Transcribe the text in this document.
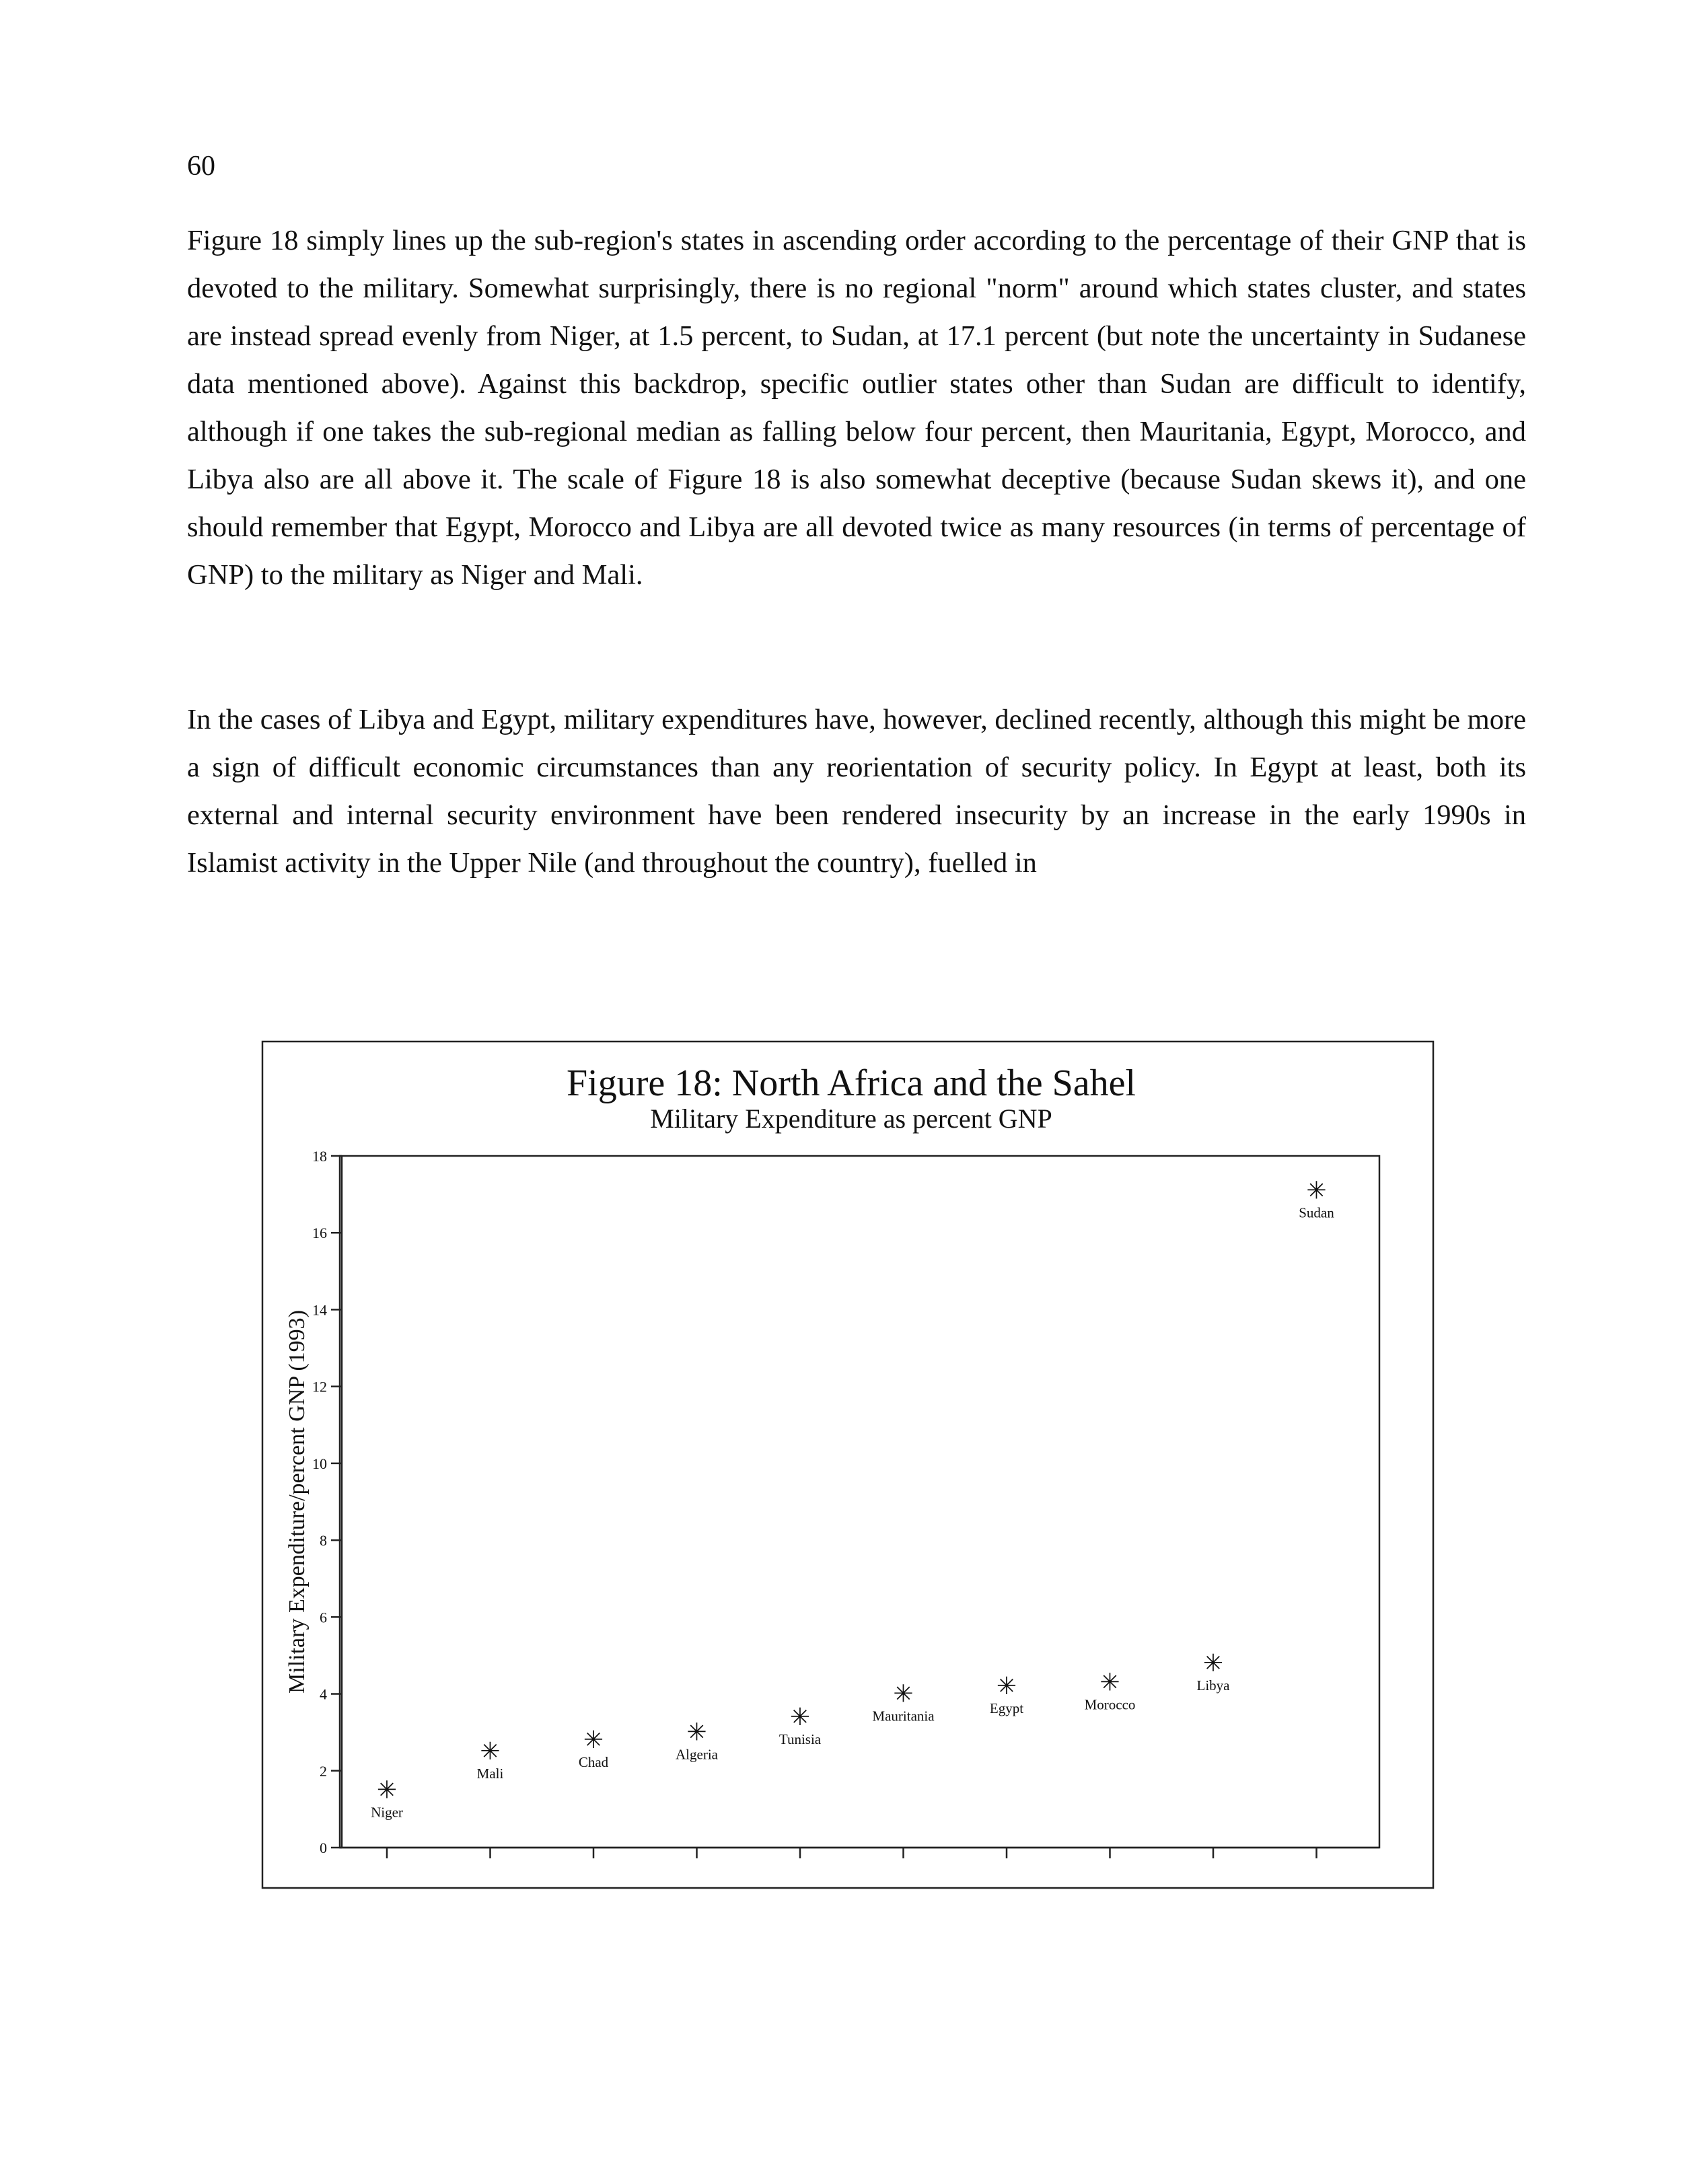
60

Figure 18 simply lines up the sub-region's states in ascending order according to the percentage of their GNP that is devoted to the military. Somewhat surprisingly, there is no regional "norm" around which states cluster, and states are instead spread evenly from Niger, at 1.5 percent, to Sudan, at 17.1 percent (but note the uncertainty in Sudanese data mentioned above). Against this backdrop, specific outlier states other than Sudan are difficult to identify, although if one takes the sub-regional median as falling below four percent, then Mauritania, Egypt, Morocco, and Libya also are all above it. The scale of Figure 18 is also somewhat deceptive (because Sudan skews it), and one should remember that Egypt, Morocco and Libya are all devoted twice as many resources (in terms of percentage of GNP) to the military as Niger and Mali.

In the cases of Libya and Egypt, military expenditures have, however, declined recently, although this might be more a sign of difficult economic circumstances than any reorientation of security policy. In Egypt at least, both its external and internal security environment have been rendered insecurity by an increase in the early 1990s in Islamist activity in the Upper Nile (and throughout the country), fuelled in

Figure 18: North Africa and the Sahel
Military Expenditure as percent GNP
Military Expenditure/percent GNP (1993)
0
2
4
6
8
10
12
14
16
18
✳
Niger
✳
Mali
✳
Chad
✳
Algeria
✳
Tunisia
✳
Mauritania
✳
Egypt
✳
Morocco
✳
Libya
✳
Sudan
